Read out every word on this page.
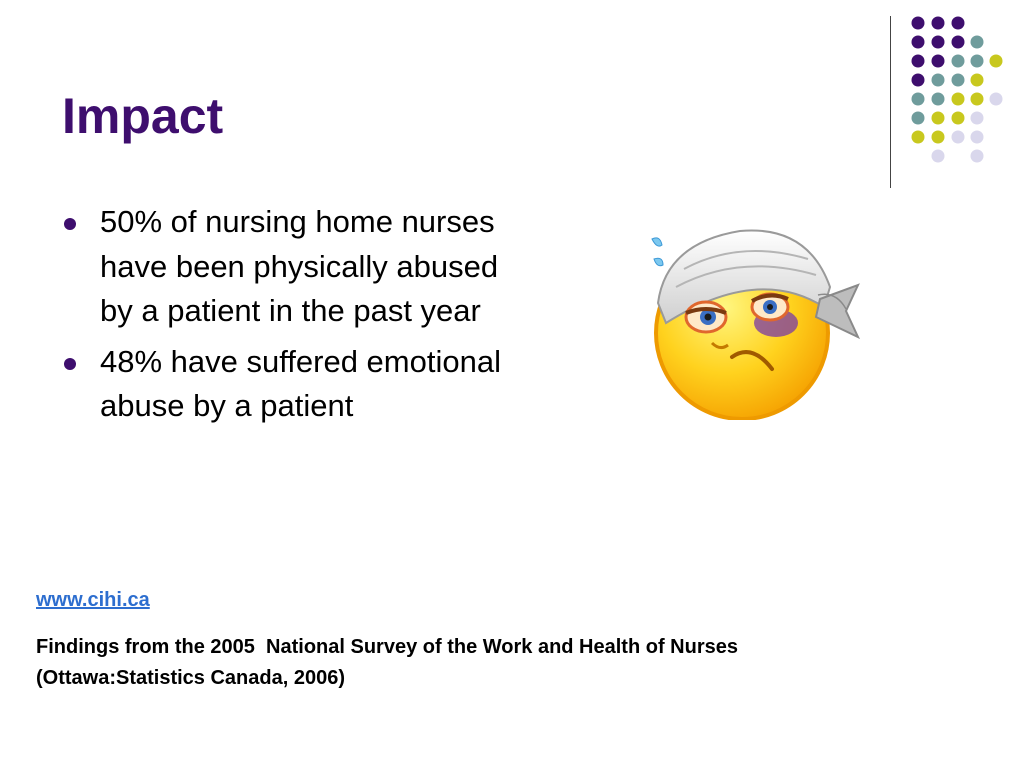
Impact
50% of nursing home nurses have been physically abused by a patient in the past year
48% have suffered emotional abuse by a patient
www.cihi.ca

Findings from the 2005  National Survey of the Work and Health of Nurses
(Ottawa:Statistics Canada, 2006)
